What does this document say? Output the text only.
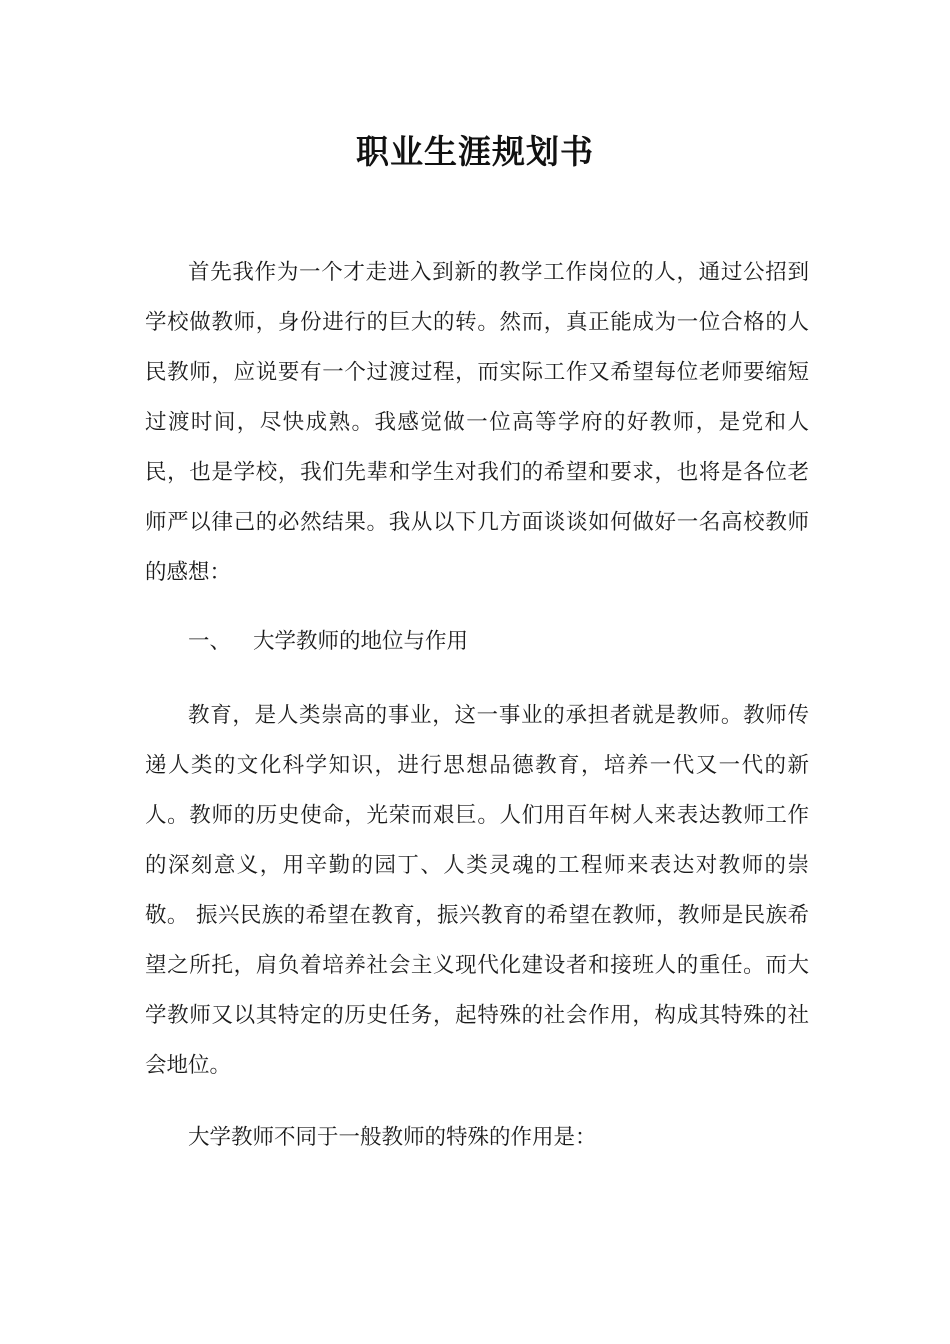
职业生涯规划书

首先我作为一个才走进入到新的教学工作岗位的人，通过公招到学校做教师，身份进行的巨大的转。然而，真正能成为一位合格的人民教师，应说要有一个过渡过程，而实际工作又希望每位老师要缩短过渡时间，尽快成熟。我感觉做一位高等学府的好教师，是党和人民，也是学校，我们先辈和学生对我们的希望和要求，也将是各位老师严以律己的必然结果。我从以下几方面谈谈如何做好一名高校教师的感想：

一、 大学教师的地位与作用

教育，是人类崇高的事业，这一事业的承担者就是教师。教师传递人类的文化科学知识，进行思想品德教育，培养一代又一代的新人。教师的历史使命，光荣而艰巨。人们用百年树人来表达教师工作的深刻意义，用辛勤的园丁、人类灵魂的工程师来表达对教师的崇敬。 振兴民族的希望在教育，振兴教育的希望在教师，教师是民族希望之所托，肩负着培养社会主义现代化建设者和接班人的重任。而大学教师又以其特定的历史任务，起特殊的社会作用，构成其特殊的社会地位。

大学教师不同于一般教师的特殊的作用是：
